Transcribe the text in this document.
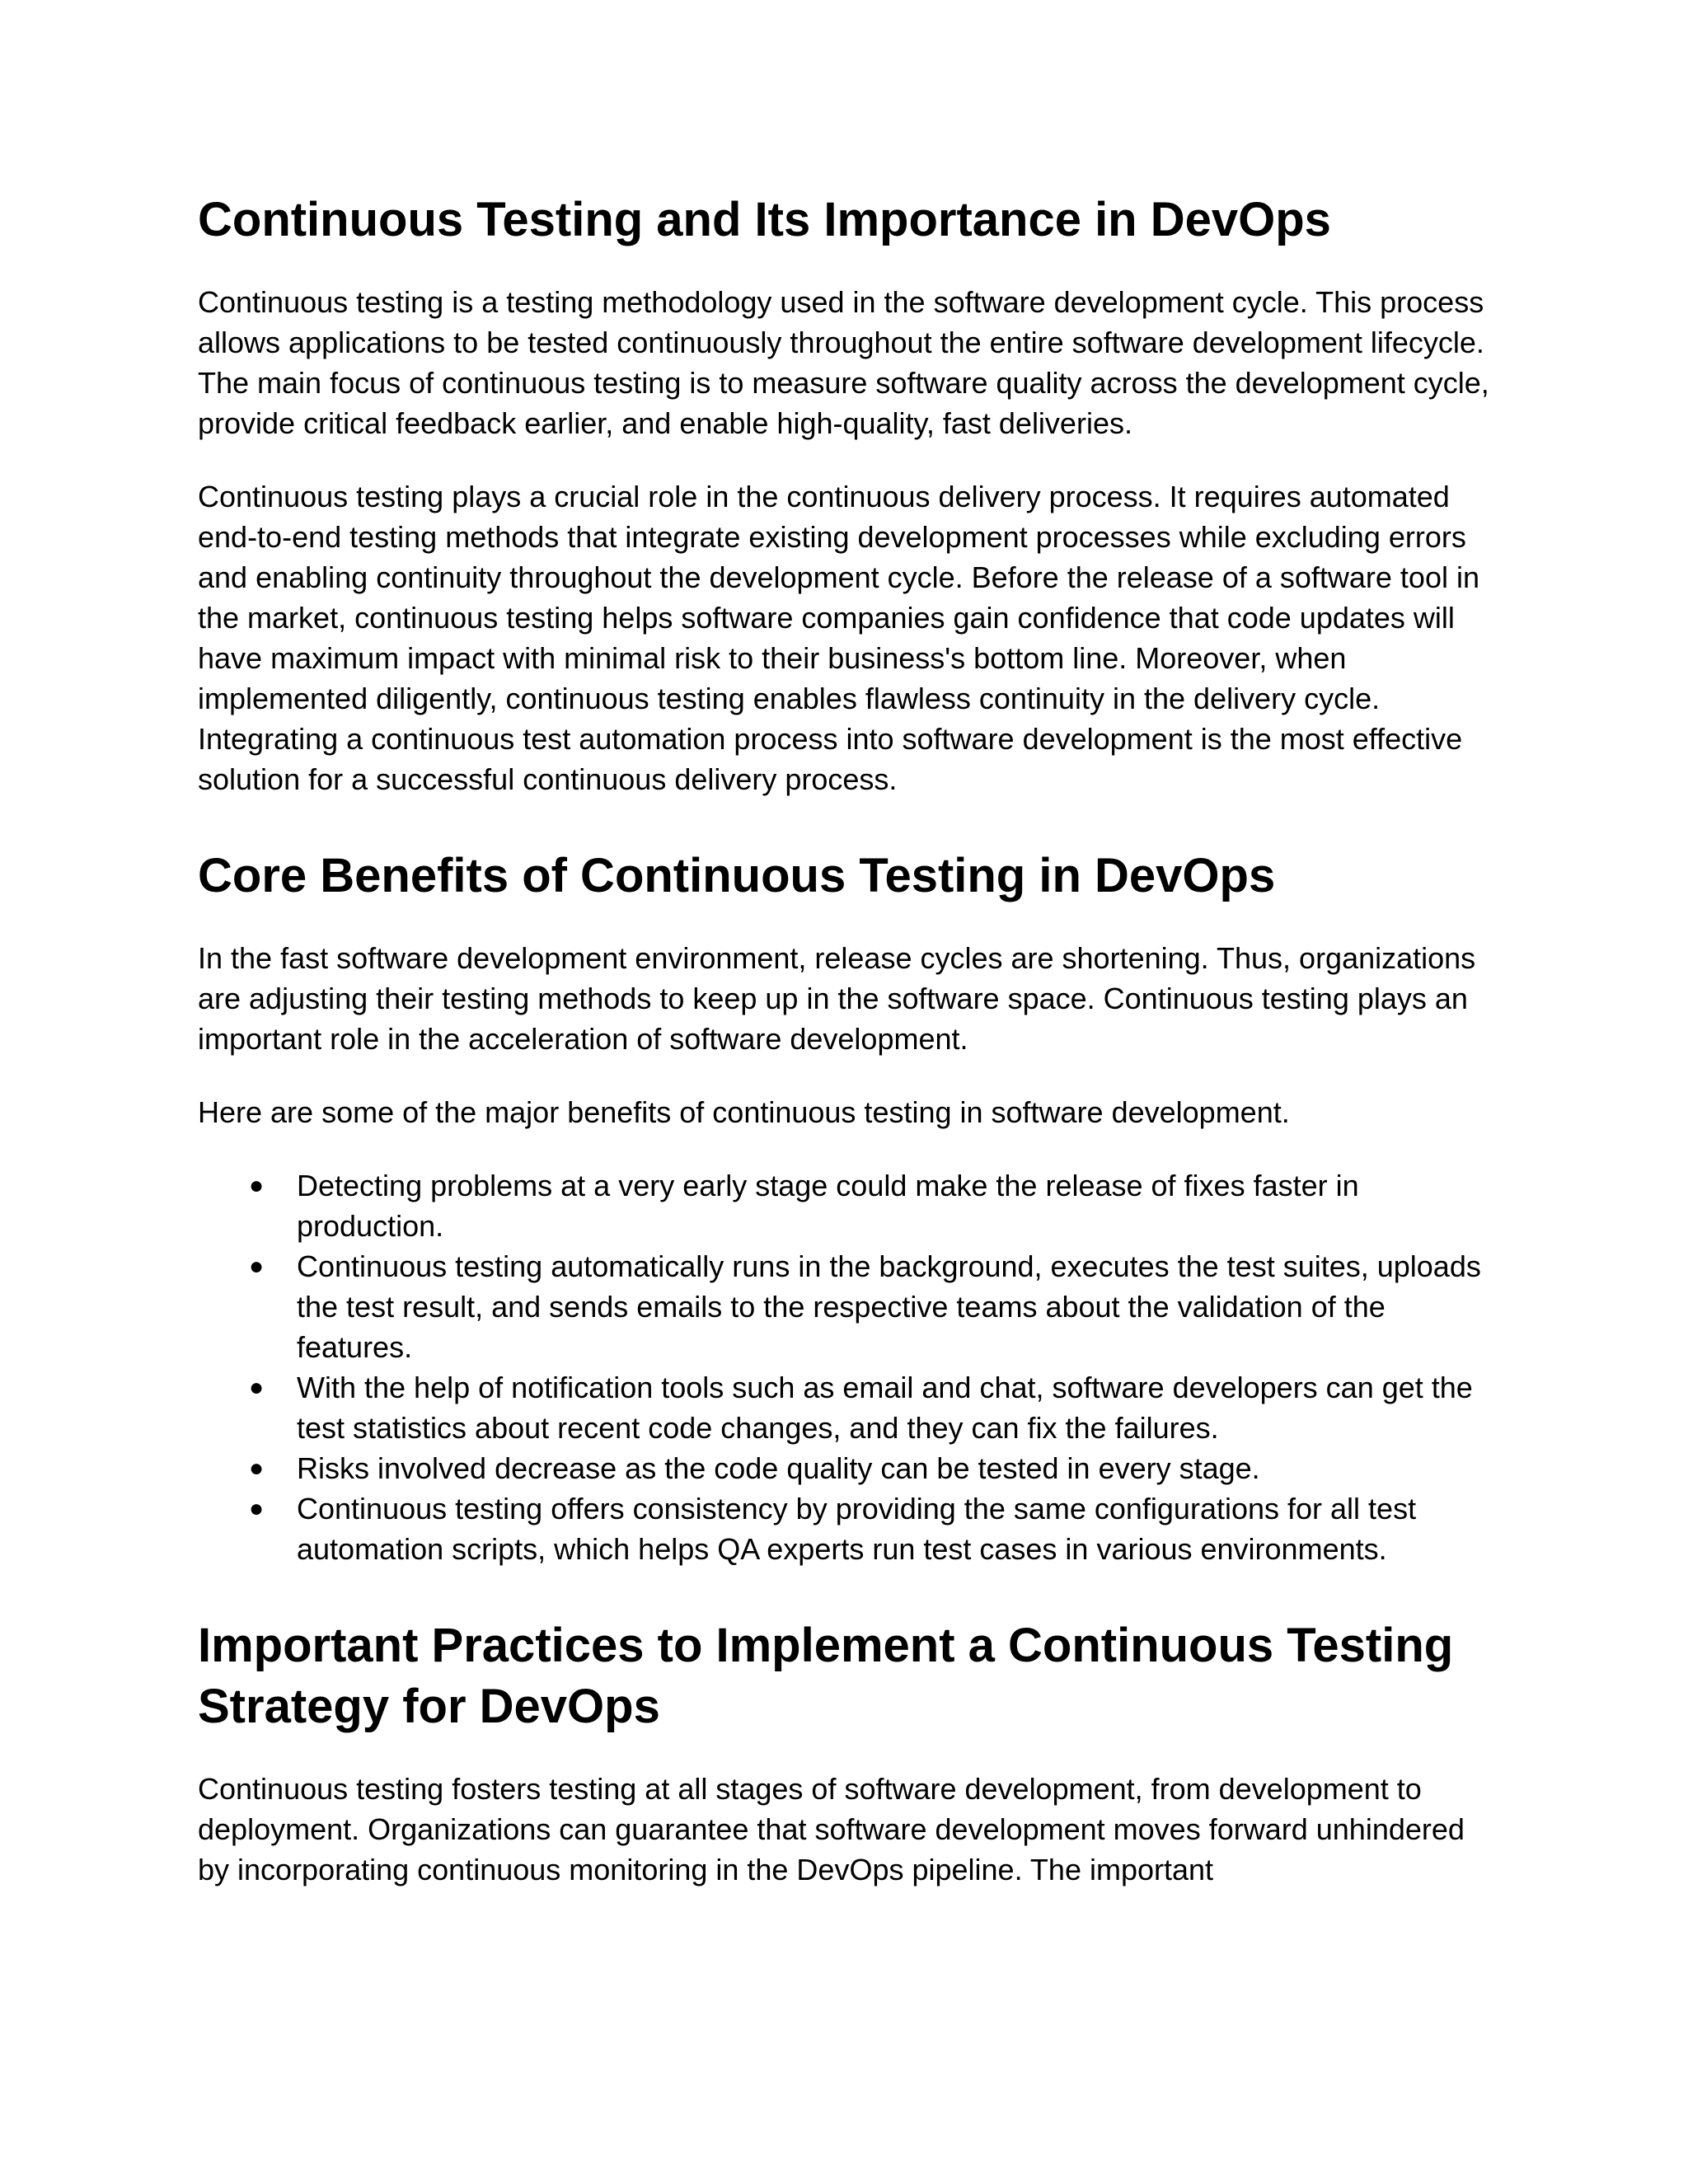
Continuous Testing and Its Importance in DevOps

Continuous testing is a testing methodology used in the software development cycle. This process allows applications to be tested continuously throughout the entire software development lifecycle. The main focus of continuous testing is to measure software quality across the development cycle, provide critical feedback earlier, and enable high-quality, fast deliveries.

Continuous testing plays a crucial role in the continuous delivery process. It requires automated end-to-end testing methods that integrate existing development processes while excluding errors and enabling continuity throughout the development cycle. Before the release of a software tool in the market, continuous testing helps software companies gain confidence that code updates will have maximum impact with minimal risk to their business's bottom line. Moreover, when implemented diligently, continuous testing enables flawless continuity in the delivery cycle. Integrating a continuous test automation process into software development is the most effective solution for a successful continuous delivery process.

Core Benefits of Continuous Testing in DevOps

In the fast software development environment, release cycles are shortening. Thus, organizations are adjusting their testing methods to keep up in the software space. Continuous testing plays an important role in the acceleration of software development.

Here are some of the major benefits of continuous testing in software development.

● Detecting problems at a very early stage could make the release of fixes faster in production.
● Continuous testing automatically runs in the background, executes the test suites, uploads the test result, and sends emails to the respective teams about the validation of the features.
● With the help of notification tools such as email and chat, software developers can get the test statistics about recent code changes, and they can fix the failures.
● Risks involved decrease as the code quality can be tested in every stage.
● Continuous testing offers consistency by providing the same configurations for all test automation scripts, which helps QA experts run test cases in various environments.
Important Practices to Implement a Continuous Testing Strategy for DevOps

Continuous testing fosters testing at all stages of software development, from development to deployment. Organizations can guarantee that software development moves forward unhindered by incorporating continuous monitoring in the DevOps pipeline. The important
